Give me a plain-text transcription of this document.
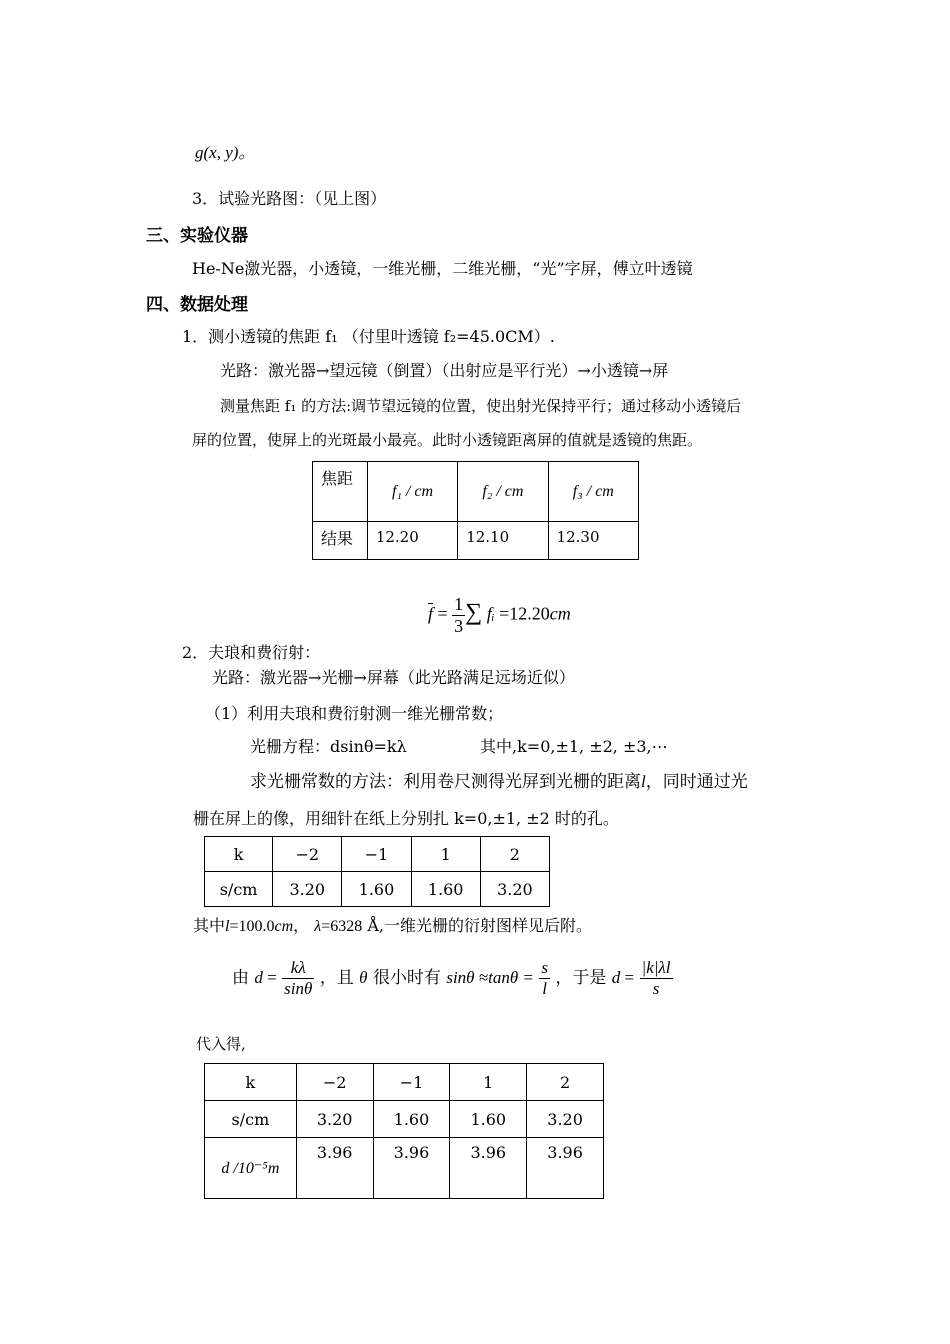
g(x, y)。
3．试验光路图：（见上图）
三、实验仪器
He-Ne激光器，小透镜，一维光栅，二维光栅，“光”字屏，傅立叶透镜
四、数据处理
1．测小透镜的焦距 f₁ （付里叶透镜 f₂=45.0CM）.
光路：激光器→望远镜（倒置）（出射应是平行光）→小透镜→屏
测量焦距 f₁ 的方法:调节望远镜的位置，使出射光保持平行；通过移动小透镜后
屏的位置，使屏上的光斑最小最亮。此时小透镜距离屏的值就是透镜的焦距。
焦距	f₁ / cm	f₂ / cm	f₃ / cm
结果	12.20	12.10	12.30
$\overline{f} = \frac{1}{3}$ ∑ fᵢ =12.20cm
2．夫琅和费衍射：
光路：激光器→光栅→屏幕（此光路满足远场近似）
（1）利用夫琅和费衍射测一维光栅常数；
光栅方程：dsinθ=kλ	其中,k=0,±1, ±2, ±3,⋯
求光栅常数的方法：利用卷尺测得光屏到光栅的距离l，同时通过光
栅在屏上的像，用细针在纸上分别扎 k=0,±1, ±2 时的孔。
k	−2	−1	1	2
s/cm	3.20	1.60	1.60	3.20
其中l=100.0cm， λ=6328 Å,一维光栅的衍射图样见后附。
由 $d = \frac{k\lambda}{\sin\theta}$ ，且 θ 很小时有 $\sin\theta \approx\tan\theta = \frac{s}{l}$ ，于是 $d = \frac{|k|\lambda l}{s}$
代入得,
k	−2	−1	1	2
s/cm	3.20	1.60	1.60	3.20
d /10⁻⁵m	3.96	3.96	3.96	3.96
